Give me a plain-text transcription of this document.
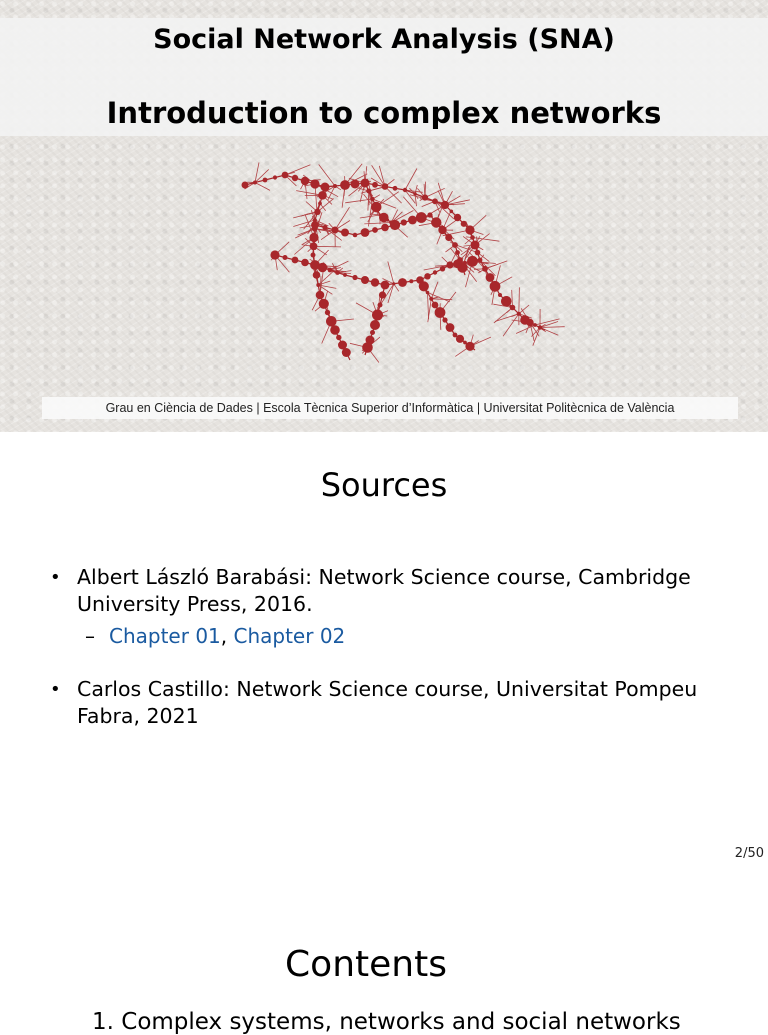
Social Network Analysis (SNA)
Introduction to complex networks
Grau en Ciència de Dades | Escola Tècnica Superior d’Informàtica | Universitat Politècnica de València
Sources
• Albert László Barabási: Network Science course, Cambridge University Press, 2016.
– Chapter 01, Chapter 02
• Carlos Castillo: Network Science course, Universitat Pompeu Fabra, 2021
2/50
Contents
1. Complex systems, networks and social networks
